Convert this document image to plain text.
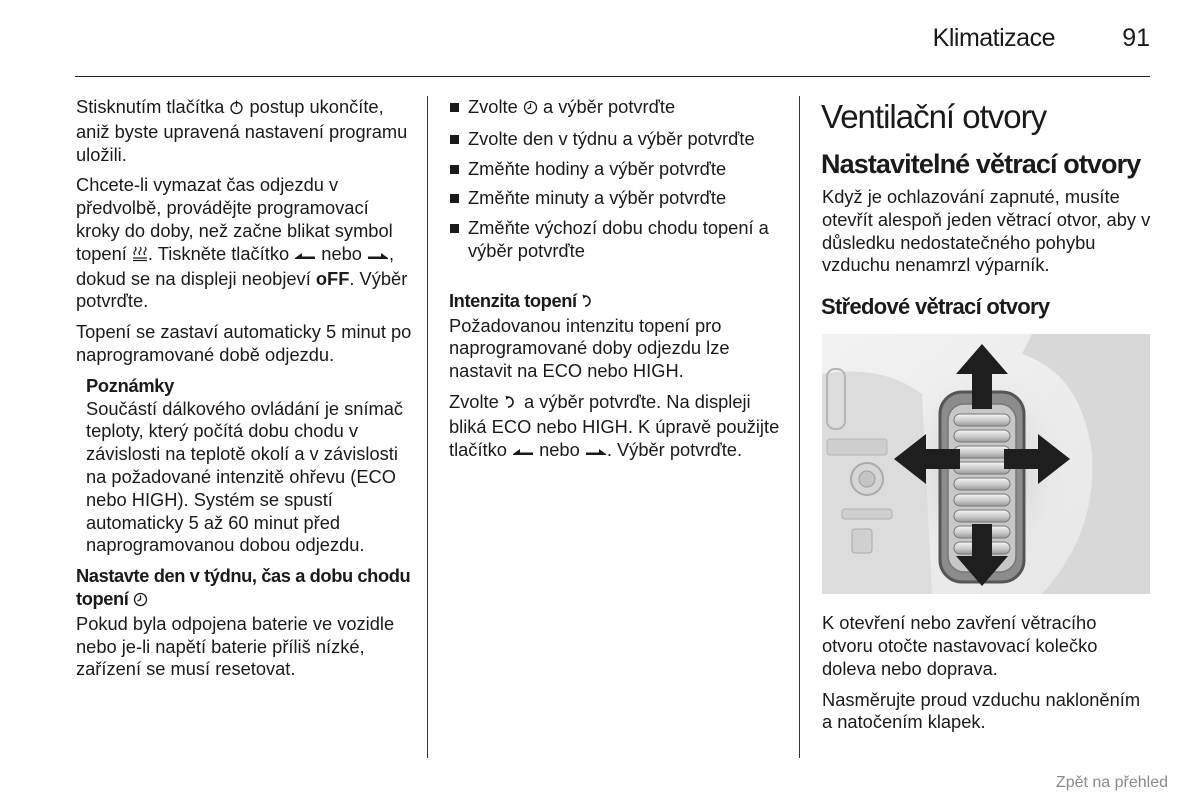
Klimatizace	91

Stisknutím tlačítka  postup ukončíte, aniž byste upravená nastavení programu uložili.

Chcete-li vymazat čas odjezdu v předvolbě, provádějte programovací kroky do doby, než začne blikat symbol topení . Tiskněte tlačítko  nebo , dokud se na displeji neobjeví oFF. Výběr potvrďte.

Topení se zastaví automaticky 5 minut po naprogramované době odjezdu.

Poznámky
Součástí dálkového ovládání je snímač teploty, který počítá dobu chodu v závislosti na teplotě okolí a v závislosti na požadované intenzitě ohřevu (ECO nebo HIGH). Systém se spustí automaticky 5 až 60 minut před naprogramovanou dobou odjezdu.
Nastavte den v týdnu, čas a dobu chodu topení

Pokud byla odpojena baterie ve vozidle nebo je-li napětí baterie příliš nízké, zařízení se musí resetovat.

Zvolte  a výběr potvrďte
Zvolte den v týdnu a výběr potvrďte
Změňte hodiny a výběr potvrďte
Změňte minuty a výběr potvrďte
Změňte výchozí dobu chodu topení a výběr potvrďte
Intenzita topení

Požadovanou intenzitu topení pro naprogramované doby odjezdu lze nastavit na ECO nebo HIGH.

Zvolte  a výběr potvrďte. Na displeji bliká ECO nebo HIGH. K úpravě použijte tlačítko  nebo . Výběr potvrďte.

Ventilační otvory
Nastavitelné větrací otvory

Když je ochlazování zapnuté, musíte otevřít alespoň jeden větrací otvor, aby v důsledku nedostatečného pohybu vzduchu nenamrzl výparník.

Středové větrací otvory

K otevření nebo zavření větracího otvoru otočte nastavovací kolečko doleva nebo doprava.

Nasměrujte proud vzduchu nakloněním a natočením klapek.

Zpět na přehled
